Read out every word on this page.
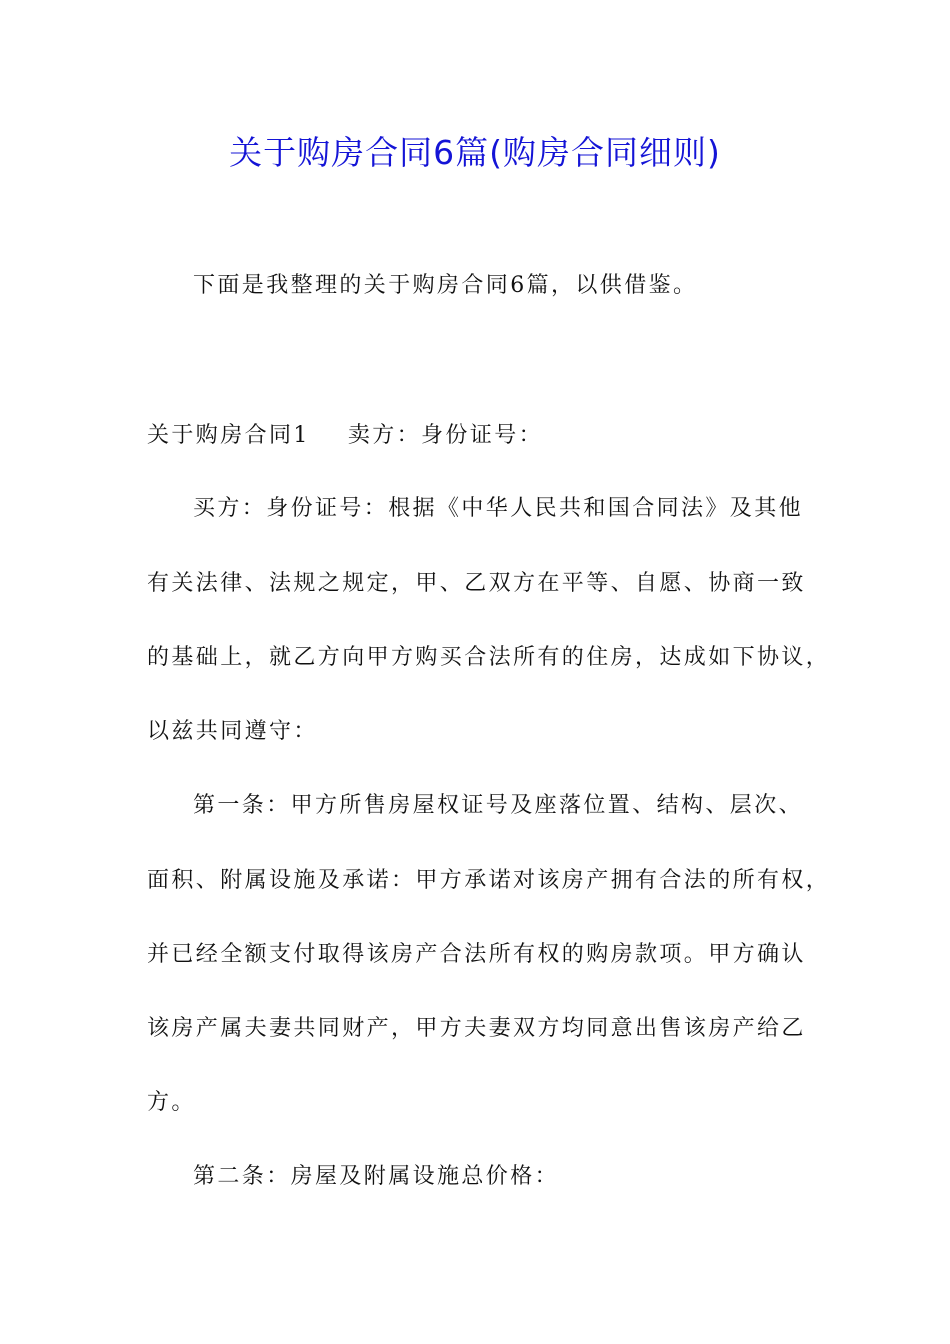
关于购房合同6篇(购房合同细则)
下面是我整理的关于购房合同6篇，以供借鉴。
关于购房合同1 卖方：身份证号：
买方：身份证号：根据《中华人民共和国合同法》及其他
有关法律、法规之规定，甲、乙双方在平等、自愿、协商一致
的基础上，就乙方向甲方购买合法所有的住房，达成如下协议，
以兹共同遵守：
第一条：甲方所售房屋权证号及座落位置、结构、层次、
面积、附属设施及承诺：甲方承诺对该房产拥有合法的所有权，
并已经全额支付取得该房产合法所有权的购房款项。甲方确认
该房产属夫妻共同财产，甲方夫妻双方均同意出售该房产给乙
方。
第二条：房屋及附属设施总价格：
